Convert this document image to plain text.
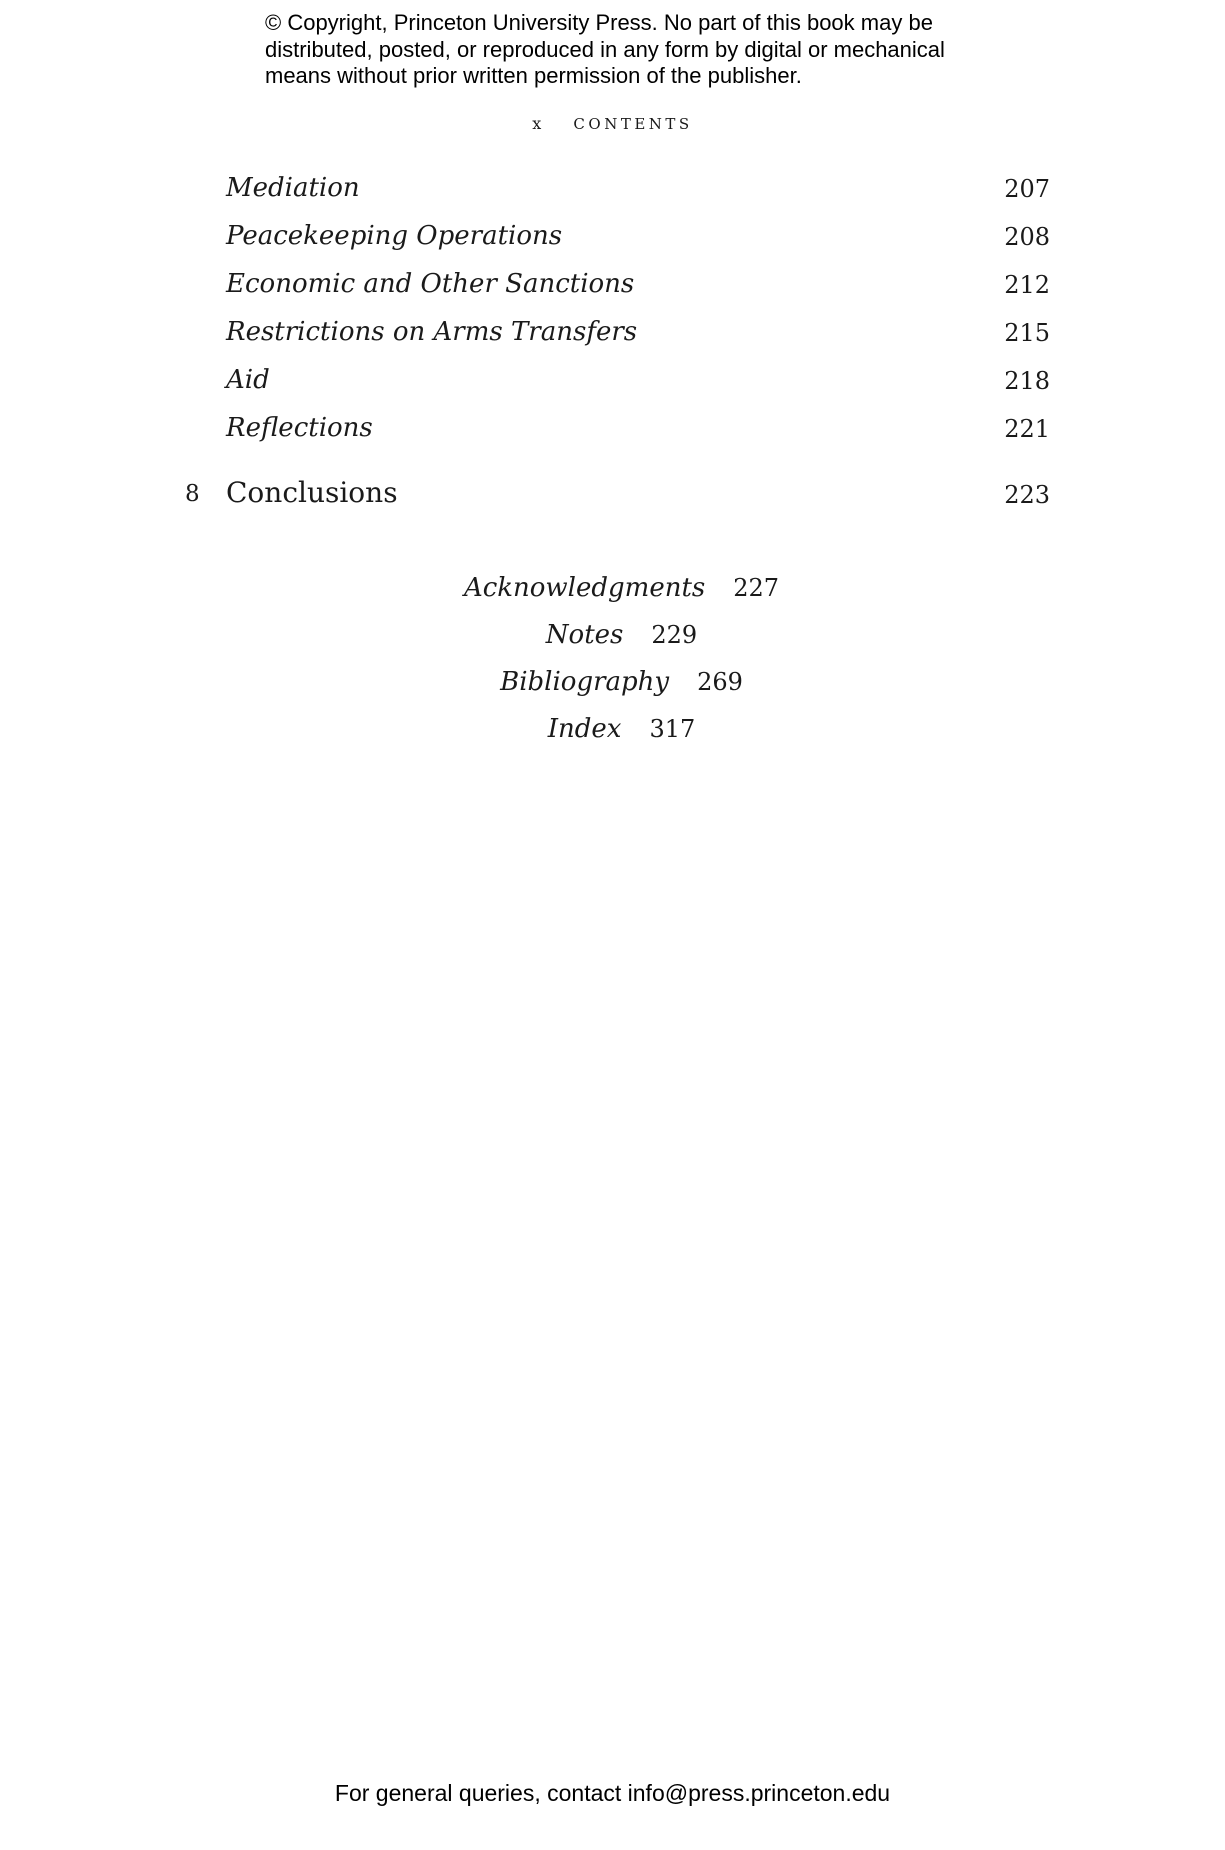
© Copyright, Princeton University Press. No part of this book may be
distributed, posted, or reproduced in any form by digital or mechanical
means without prior written permission of the publisher.
x CONTENTS
Mediation	207
Peacekeeping Operations	208
Economic and Other Sanctions	212
Restrictions on Arms Transfers	215
Aid	218
Reflections	221
8 Conclusions	223
Acknowledgments 227
Notes 229
Bibliography 269
Index 317
For general queries, contact info@press.princeton.edu
